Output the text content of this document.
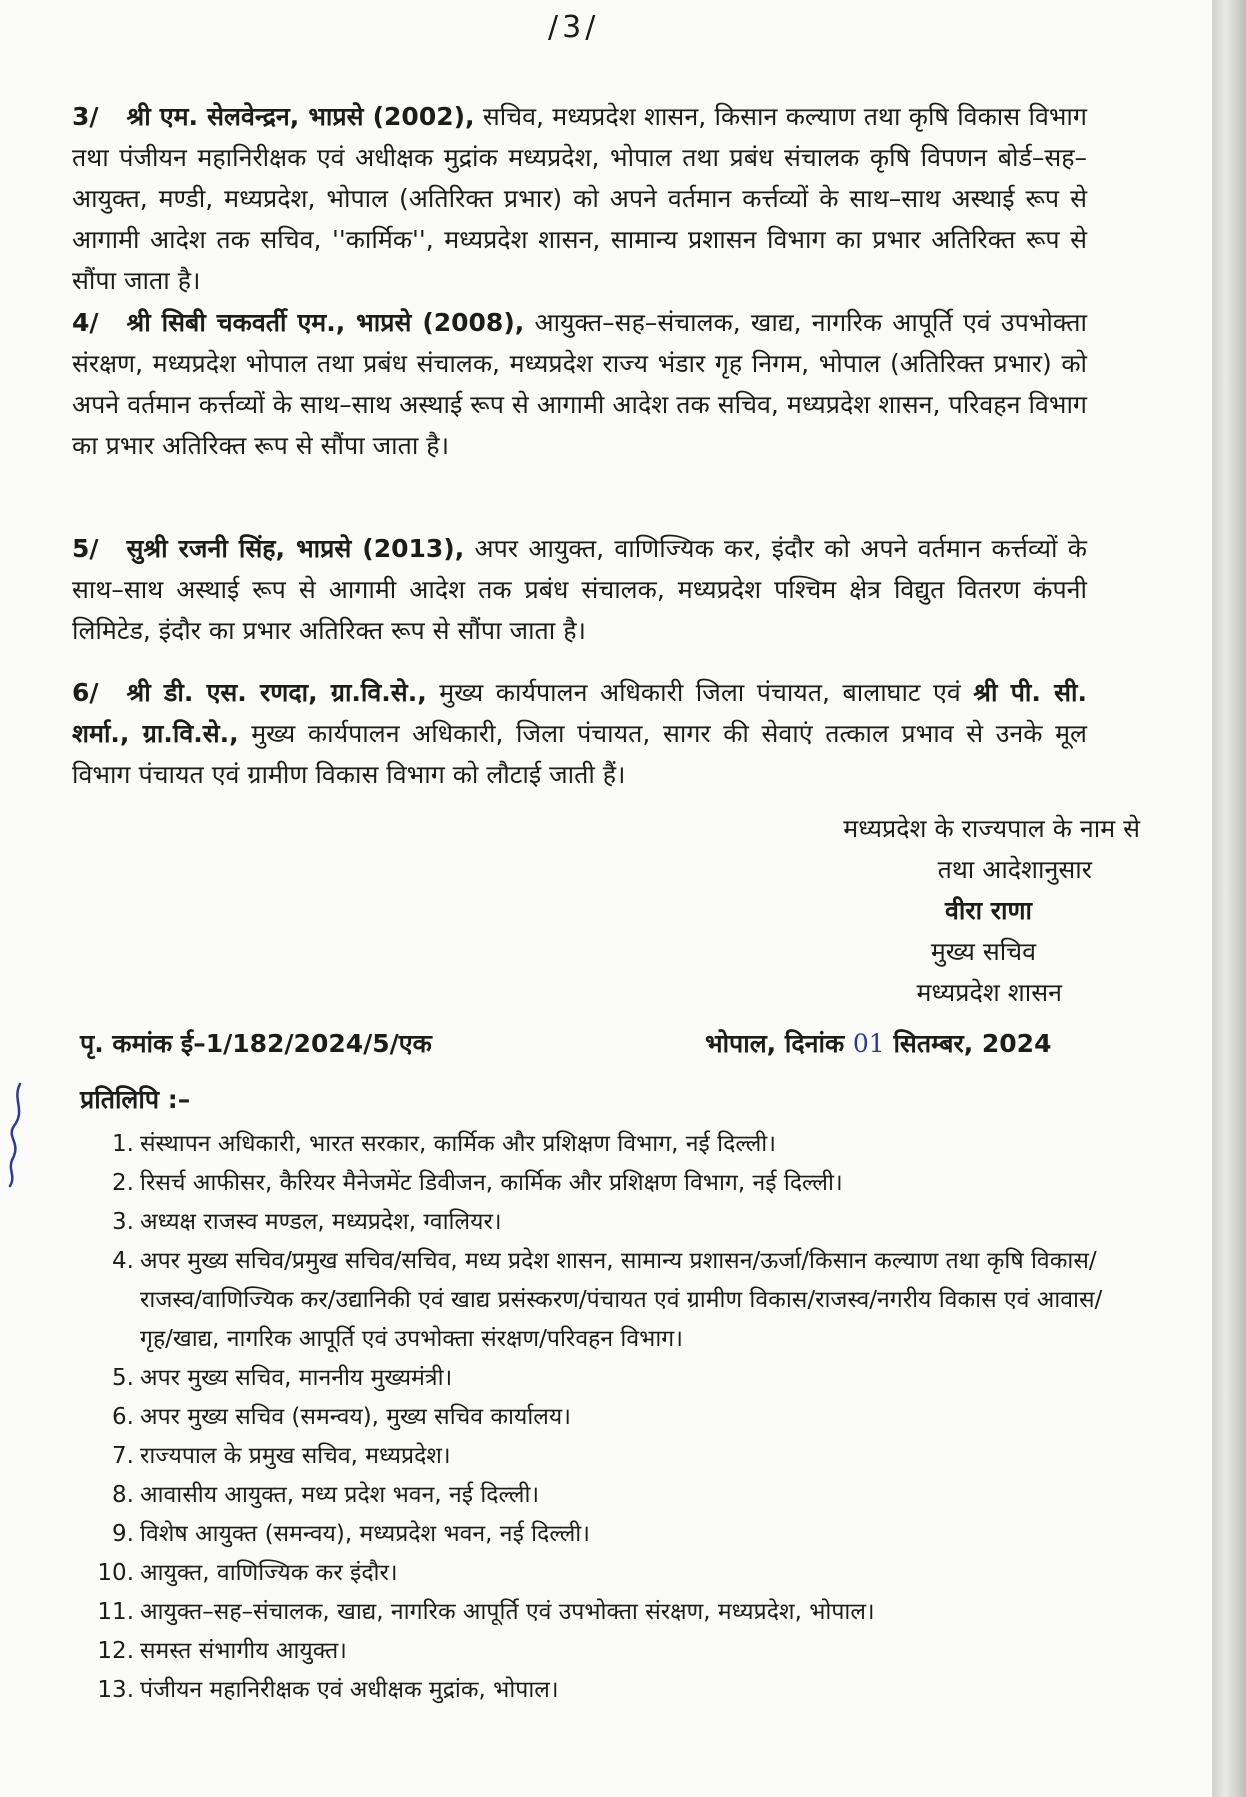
/3/
3/ श्री एम. सेलवेन्द्रन, भाप्रसे (2002), सचिव, मध्यप्रदेश शासन, किसान कल्याण तथा कृषि विकास विभाग तथा पंजीयन महानिरीक्षक एवं अधीक्षक मुद्रांक मध्यप्रदेश, भोपाल तथा प्रबंध संचालक कृषि विपणन बोर्ड–सह–आयुक्त, मण्डी, मध्यप्रदेश, भोपाल (अतिरिक्त प्रभार) को अपने वर्तमान कर्त्तव्यों के साथ–साथ अस्थाई रूप से आगामी आदेश तक सचिव, ''कार्मिक'', मध्यप्रदेश शासन, सामान्य प्रशासन विभाग का प्रभार अतिरिक्त रूप से सौंपा जाता है।
4/ श्री सिबी चकवर्ती एम., भाप्रसे (2008), आयुक्त–सह–संचालक, खाद्य, नागरिक आपूर्ति एवं उपभोक्ता संरक्षण, मध्यप्रदेश भोपाल तथा प्रबंध संचालक, मध्यप्रदेश राज्य भंडार गृह निगम, भोपाल (अतिरिक्त प्रभार) को अपने वर्तमान कर्त्तव्यों के साथ–साथ अस्थाई रूप से आगामी आदेश तक सचिव, मध्यप्रदेश शासन, परिवहन विभाग का प्रभार अतिरिक्त रूप से सौंपा जाता है।
5/ सुश्री रजनी सिंह, भाप्रसे (2013), अपर आयुक्त, वाणिज्यिक कर, इंदौर को अपने वर्तमान कर्त्तव्यों के साथ–साथ अस्थाई रूप से आगामी आदेश तक प्रबंध संचालक, मध्यप्रदेश पश्चिम क्षेत्र विद्युत वितरण कंपनी लिमिटेड, इंदौर का प्रभार अतिरिक्त रूप से सौंपा जाता है।
6/ श्री डी. एस. रणदा, ग्रा.वि.से., मुख्य कार्यपालन अधिकारी जिला पंचायत, बालाघाट एवं श्री पी. सी. शर्मा., ग्रा.वि.से., मुख्य कार्यपालन अधिकारी, जिला पंचायत, सागर की सेवाएं तत्काल प्रभाव से उनके मूल विभाग पंचायत एवं ग्रामीण विकास विभाग को लौटाई जाती हैं।
मध्यप्रदेश के राज्यपाल के नाम से
तथा आदेशानुसार
वीरा राणा
मुख्य सचिव
मध्यप्रदेश शासन
पृ. कमांक ई–1/182/2024/5/एक	भोपाल, दिनांक 01 सितम्बर, 2024
प्रतिलिपि :–
1. संस्थापन अधिकारी, भारत सरकार, कार्मिक और प्रशिक्षण विभाग, नई दिल्ली।
2. रिसर्च आफीसर, कैरियर मैनेजमेंट डिवीजन, कार्मिक और प्रशिक्षण विभाग, नई दिल्ली।
3. अध्यक्ष राजस्व मण्डल, मध्यप्रदेश, ग्वालियर।
4. अपर मुख्य सचिव/प्रमुख सचिव/सचिव, मध्य प्रदेश शासन, सामान्य प्रशासन/ऊर्जा/किसान कल्याण तथा कृषि विकास/राजस्व/वाणिज्यिक कर/उद्यानिकी एवं खाद्य प्रसंस्करण/पंचायत एवं ग्रामीण विकास/राजस्व/नगरीय विकास एवं आवास/गृह/खाद्य, नागरिक आपूर्ति एवं उपभोक्ता संरक्षण/परिवहन विभाग।
5. अपर मुख्य सचिव, माननीय मुख्यमंत्री।
6. अपर मुख्य सचिव (समन्वय), मुख्य सचिव कार्यालय।
7. राज्यपाल के प्रमुख सचिव, मध्यप्रदेश।
8. आवासीय आयुक्त, मध्य प्रदेश भवन, नई दिल्ली।
9. विशेष आयुक्त (समन्वय), मध्यप्रदेश भवन, नई दिल्ली।
10. आयुक्त, वाणिज्यिक कर इंदौर।
11. आयुक्त–सह–संचालक, खाद्य, नागरिक आपूर्ति एवं उपभोक्ता संरक्षण, मध्यप्रदेश, भोपाल।
12. समस्त संभागीय आयुक्त।
13. पंजीयन महानिरीक्षक एवं अधीक्षक मुद्रांक, भोपाल।
